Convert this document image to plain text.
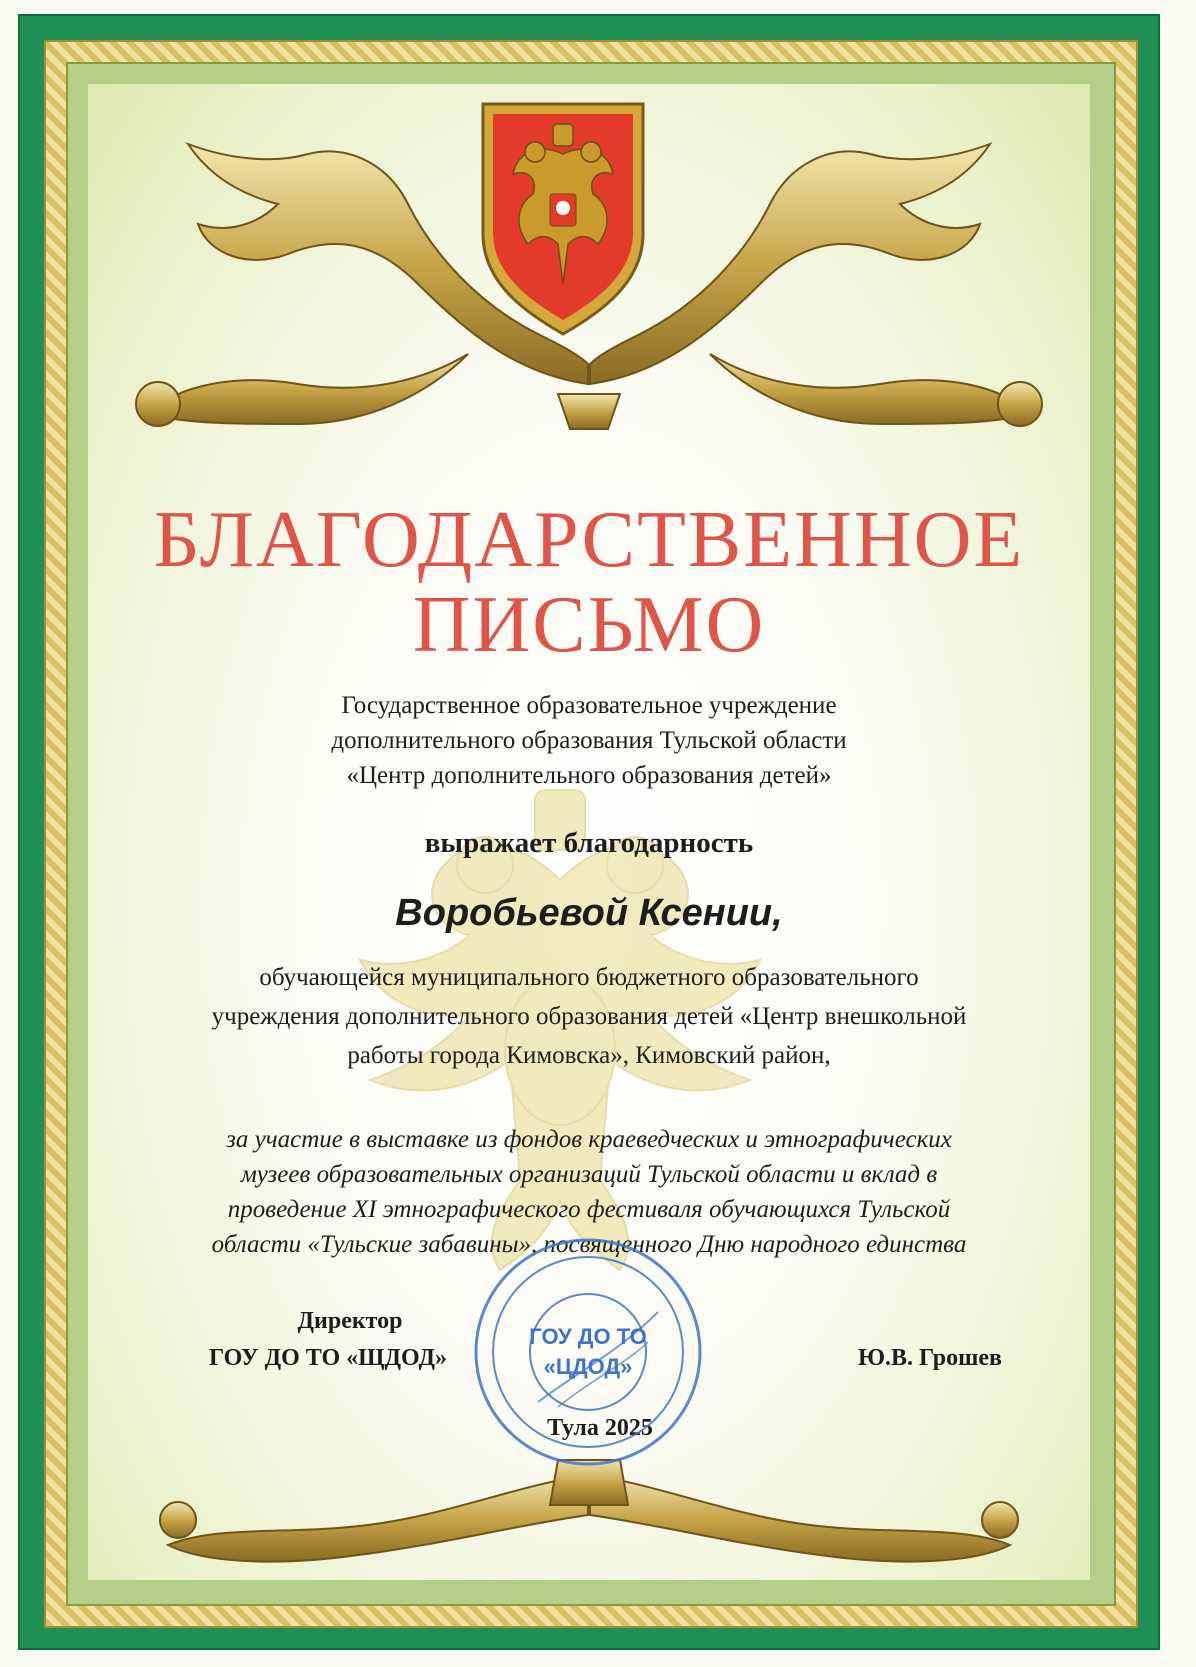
БЛАГОДАРСТВЕННОЕ
ПИСЬМО
Государственное образовательное учреждение
дополнительного образования Тульской области
«Центр дополнительного образования детей»
выражает благодарность
Воробьевой Ксении,
обучающейся муниципального бюджетного образовательного
учреждения дополнительного образования детей «Центр внешкольной
работы города Кимовска», Кимовский район,
за участие в выставке из фондов краеведческих и этнографических
музеев образовательных организаций Тульской области и вклад в
проведение XI этнографического фестиваля обучающихся Тульской
области «Тульские забавины», посвященного Дню народного единства
Директор
ГОУ ДО ТО «ЩДОД»	Ю.В. Грошев
Тула 2025
ГОУ ДО ТО
«ЦДОД»
